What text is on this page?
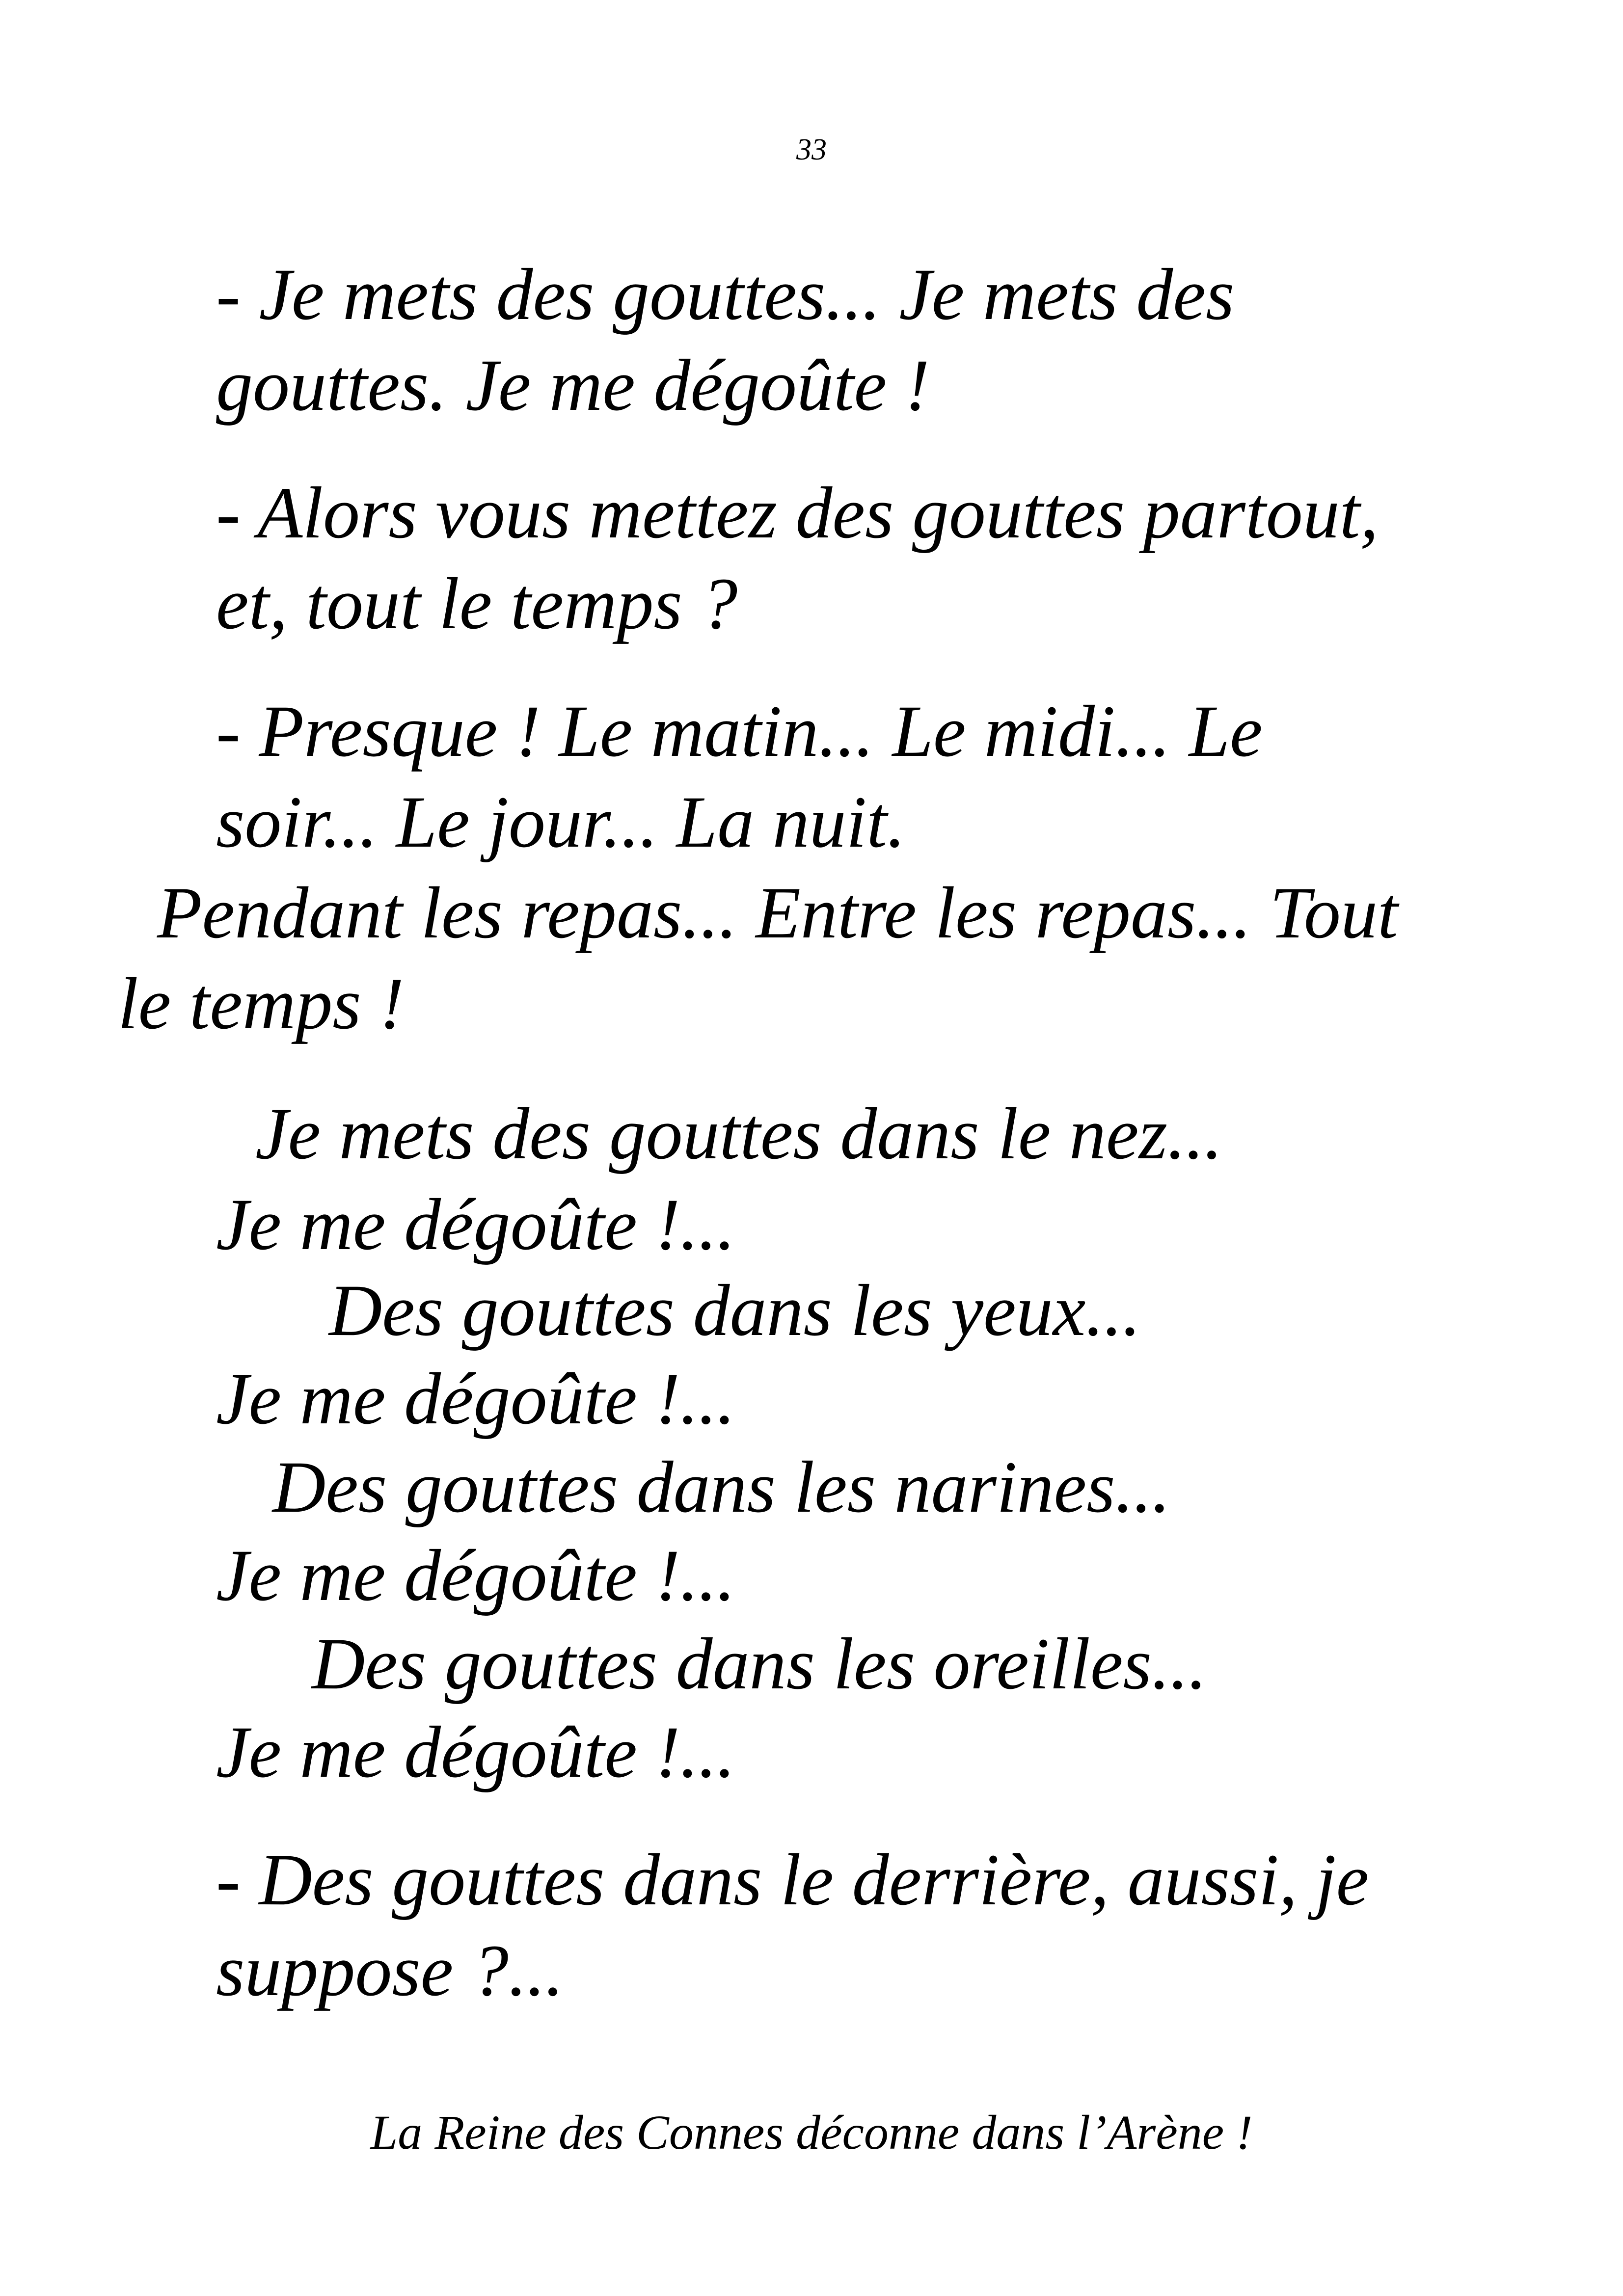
33
- Je mets des gouttes... Je mets des
gouttes. Je me dégoûte !
- Alors vous mettez des gouttes partout,
et, tout le temps ?
- Presque ! Le matin... Le midi... Le
soir... Le jour... La nuit.
Pendant les repas... Entre les repas... Tout
le temps !
Je mets des gouttes dans le nez...
Je me dégoûte !...
Des gouttes dans les yeux...
Je me dégoûte !...
Des gouttes dans les narines...
Je me dégoûte !...
Des gouttes dans les oreilles...
Je me dégoûte !...
- Des gouttes dans le derrière, aussi, je
suppose ?...
La Reine des Connes déconne dans l’Arène !
